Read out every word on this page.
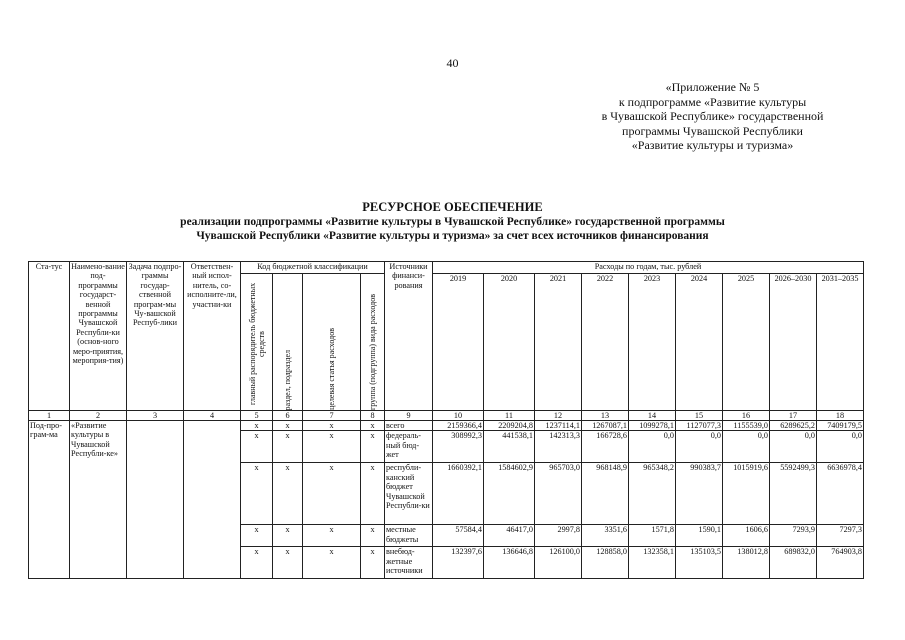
40
«Приложение № 5
к подпрограмме «Развитие культуры
в Чувашской Республике» государственной
программы Чувашской Республики
«Развитие культуры и туризма»
РЕСУРСНОЕ ОБЕСПЕЧЕНИЕ
реализации подпрограммы «Развитие культуры в Чувашской Республике» государственной программы
Чувашской Республики «Развитие культуры и туризма» за счет всех источников финансирования
Ста-тус	Наимено-вание под-программы государст-венной программы Чувашской Республи-ки (основ-ного меро-приятия, мероприя-тия)	Задача подпро-граммы государ-ственной програм-мы Чу-вашской Респуб-лики	Ответствен-ный испол-нитель, со-исполните-ли, участни-ки	Код бюджетной классификации				Источники финанси-рования	Расходы по годам, тыс. рублей								

				главный распорядитель бюджетных средств	раздел, подраздел	целевая статья расходов	группа (подгруппа) вида расходов		2019	2020	2021	2022	2023	2024	2025	2026–2030	2031–2035
1	2	3	4	5	6	7	8	9	10	11	12	13	14	15	16	17	18
Под-про-грам-ма	«Развитие культуры в Чувашской Республи-ке»			х	х	х	х	всего	2159366,4	2209204,8	1237114,1	1267087,1	1099278,1	1127077,3	1155539,0	6289625,2	7409179,5
				х	х	х	х	федераль-ный бюд-жет	308992,3	441538,1	142313,3	166728,6	0,0	0,0	0,0	0,0	0,0
				х	х	х	х	республи-канский бюджет Чувашской Республи-ки	1660392,1	1584602,9	965703,0	968148,9	965348,2	990383,7	1015919,6	5592499,3	6636978,4
				х	х	х	х	местные бюджеты	57584,4	46417,0	2997,8	3351,6	1571,8	1590,1	1606,6	7293,9	7297,3
				х	х	х	х	внебюд-жетные источники	132397,6	136646,8	126100,0	128858,0	132358,1	135103,5	138012,8	689832,0	764903,8
